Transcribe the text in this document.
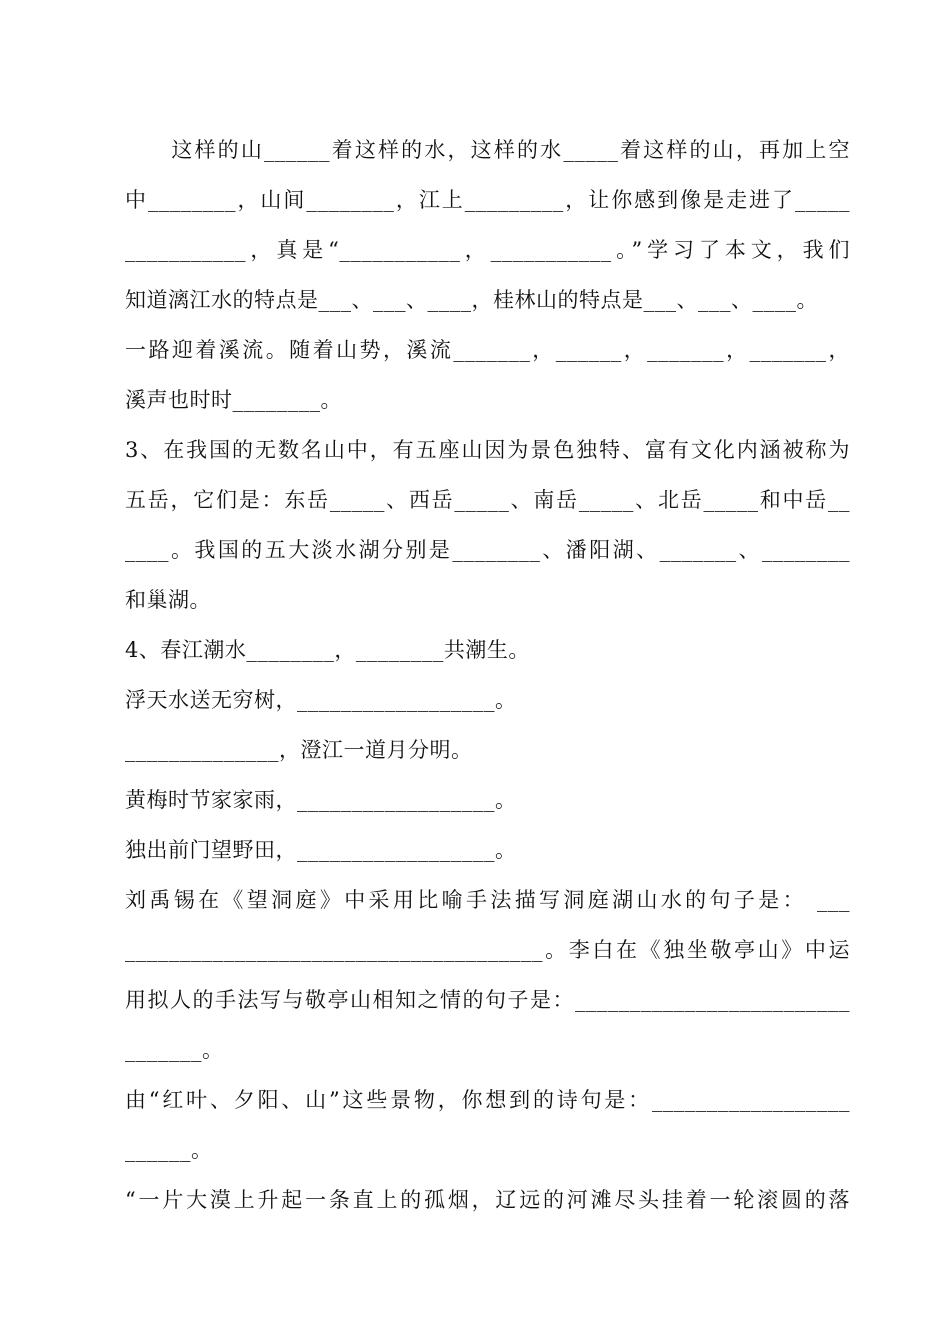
　　这样的山______着这样的水，这样的水_____着这样的山，再加上空
中________，山间________，江上_________，让你感到像是走进了_____
___________，真是“___________，___________。”学习了本文，我们
知道漓江水的特点是___、___、____，桂林山的特点是___、___、____。
一路迎着溪流。随着山势，溪流_______，______，_______，_______，
溪声也时时________。
3、在我国的无数名山中，有五座山因为景色独特、富有文化内涵被称为
五岳，它们是：东岳_____、西岳_____、南岳_____、北岳_____和中岳__
____。我国的五大淡水湖分别是________、潘阳湖、_______、________
和巢湖。
4、春江潮水________，________共潮生。
浮天水送无穷树，__________________。
______________，澄江一道月分明。
黄梅时节家家雨，__________________。
独出前门望野田，__________________。
刘禹锡在《望洞庭》中采用比喻手法描写洞庭湖山水的句子是： ___
______________________________________。李白在《独坐敬亭山》中运
用拟人的手法写与敬亭山相知之情的句子是：_________________________
_______。
由“红叶、夕阳、山”这些景物，你想到的诗句是：__________________
______。
“一片大漠上升起一条直上的孤烟，辽远的河滩尽头挂着一轮滚圆的落
